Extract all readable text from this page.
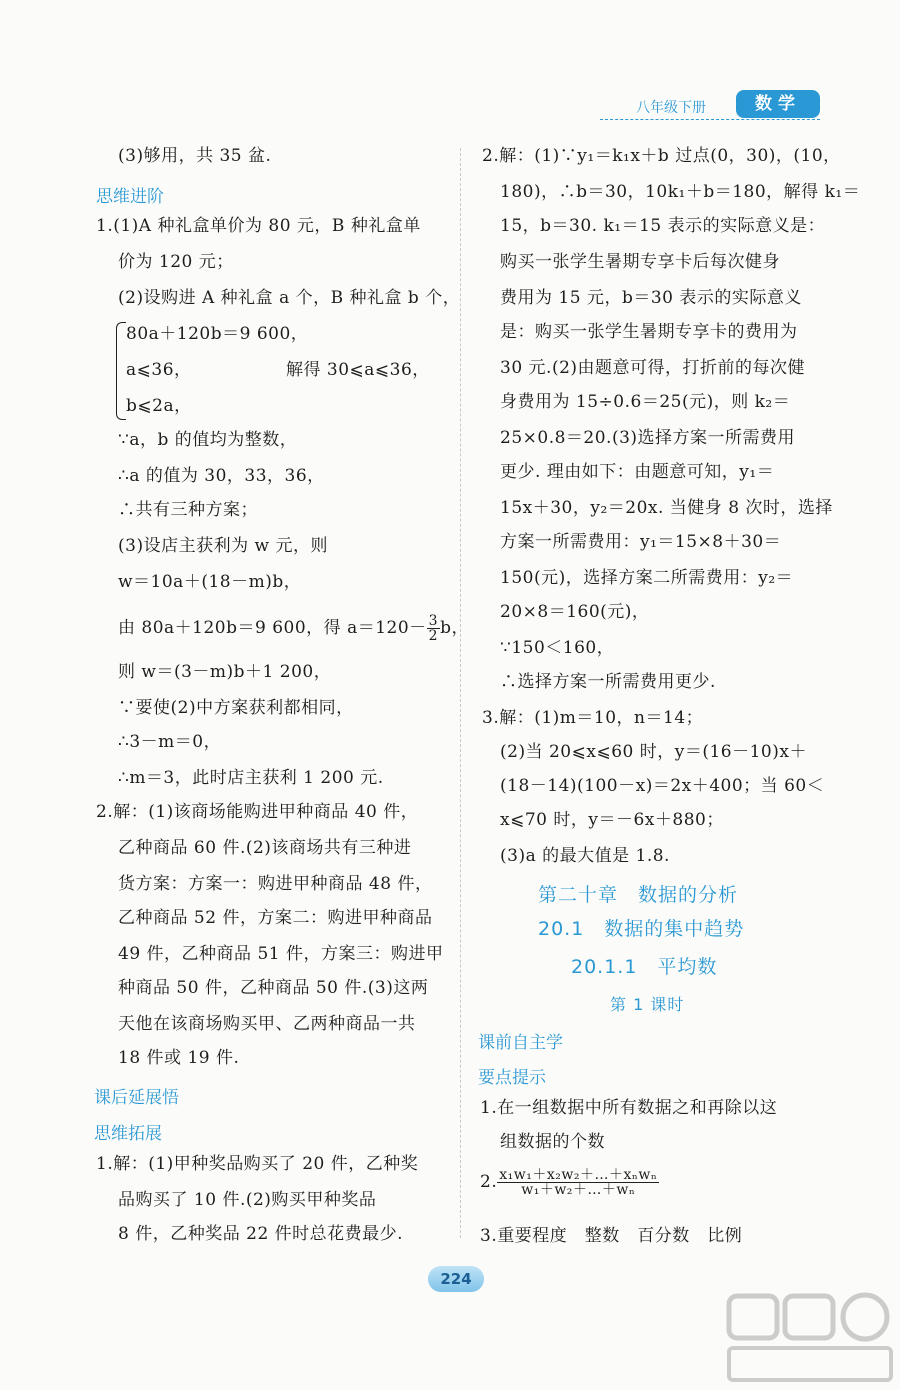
八年级下册	数学
(3)够用，共 35 盆.
思维进阶
1.(1)A 种礼盒单价为 80 元，B 种礼盒单
价为 120 元；
(2)设购进 A 种礼盒 a 个，B 种礼盒 b 个，
80a＋120b＝9 600，
a⩽36，	解得 30⩽a⩽36，
b⩽2a，
∵a，b 的值均为整数，
∴a 的值为 30，33，36，
∴共有三种方案；
(3)设店主获利为 w 元，则
w＝10a＋(18－m)b，
由 80a＋120b＝9 600，得 $a=120- \frac{3}{2}$ b，
则 w＝(3－m)b＋1 200，
∵要使(2)中方案获利都相同，
∴3－m＝0，
∴m＝3，此时店主获利 1 200 元.
2.解：(1)该商场能购进甲种商品 40 件，
乙种商品 60 件.(2)该商场共有三种进
货方案：方案一：购进甲种商品 48 件，
乙种商品 52 件，方案二：购进甲种商品
49 件，乙种商品 51 件，方案三：购进甲
种商品 50 件，乙种商品 50 件.(3)这两
天他在该商场购买甲、乙两种商品一共
18 件或 19 件.
课后延展悟
思维拓展
1.解：(1)甲种奖品购买了 20 件，乙种奖
品购买了 10 件.(2)购买甲种奖品
8 件，乙种奖品 22 件时总花费最少.
2.解：(1)∵y₁＝k₁x＋b 过点(0，30)，(10，
180)，∴b＝30，10k₁＋b＝180，解得 k₁＝
15，b＝30. k₁＝15 表示的实际意义是：
购买一张学生暑期专享卡后每次健身
费用为 15 元，b＝30 表示的实际意义
是：购买一张学生暑期专享卡的费用为
30 元.(2)由题意可得，打折前的每次健
身费用为 15÷0.6＝25(元)，则 k₂＝
25×0.8＝20.(3)选择方案一所需费用
更少. 理由如下：由题意可知，y₁＝
15x＋30，y₂＝20x. 当健身 8 次时，选择
方案一所需费用：y₁＝15×8＋30＝
150(元)，选择方案二所需费用：y₂＝
20×8＝160(元)，
∵150＜160，
∴选择方案一所需费用更少.
3.解：(1)m＝10，n＝14；
(2)当 20⩽x⩽60 时，y＝(16－10)x＋
(18－14)(100－x)＝2x＋400；当 60＜
x⩽70 时，y＝－6x＋880；
(3)a 的最大值是 1.8.
第二十章　数据的分析
20.1　数据的集中趋势
20.1.1　平均数
第 1 课时
课前自主学
要点提示
1.在一组数据中所有数据之和再除以这
组数据的个数
2. $\frac{\text{x₁w₁＋x₂w₂＋…＋xₙwₙ}}{\text{w₁＋w₂＋…＋wₙ}}$
3.重要程度　整数　百分数　比例
224
